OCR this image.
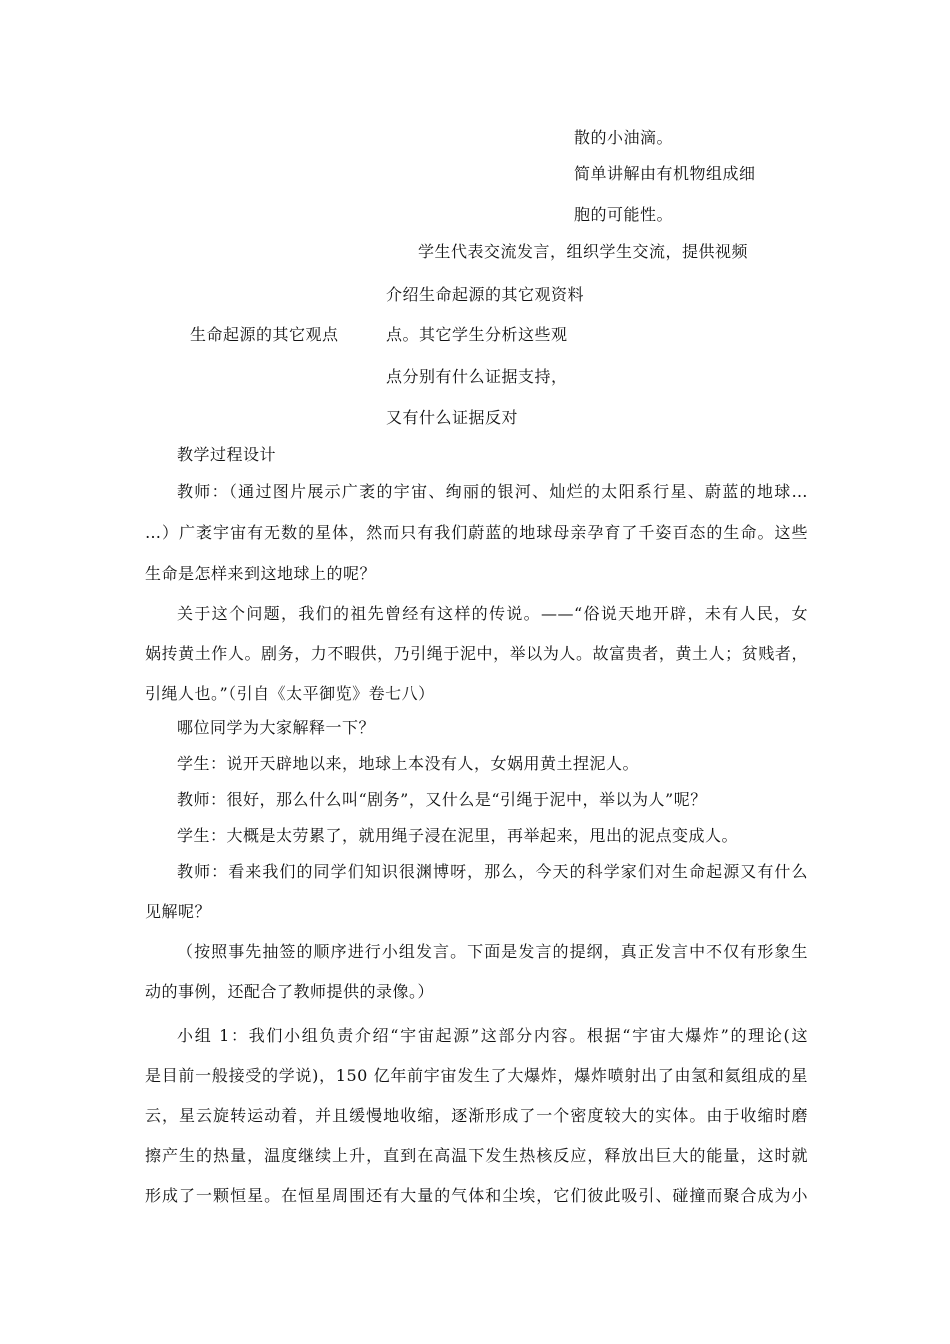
散的小油滴。
简单讲解由有机物组成细
胞的可能性。
学生代表交流发言，组织学生交流，提供视频
介绍生命起源的其它观资料
点。其它学生分析这些观
点分别有什么证据支持，
又有什么证据反对
生命起源的其它观点
教学过程设计
教师：（通过图片展示广袤的宇宙、绚丽的银河、灿烂的太阳系行星、蔚蓝的地球…
…）广袤宇宙有无数的星体，然而只有我们蔚蓝的地球母亲孕育了千姿百态的生命。这些
生命是怎样来到这地球上的呢？
关于这个问题，我们的祖先曾经有这样的传说。——“俗说天地开辟，未有人民，女
娲抟黄土作人。剧务，力不暇供，乃引绳于泥中，举以为人。故富贵者，黄土人；贫贱者，
引绳人也。”（引自《太平御览》卷七八）
哪位同学为大家解释一下？
学生：说开天辟地以来，地球上本没有人，女娲用黄土捏泥人。
教师：很好，那么什么叫“剧务”，又什么是“引绳于泥中，举以为人”呢？
学生：大概是太劳累了，就用绳子浸在泥里，再举起来，甩出的泥点变成人。
教师：看来我们的同学们知识很渊博呀，那么，今天的科学家们对生命起源又有什么
见解呢？
（按照事先抽签的顺序进行小组发言。下面是发言的提纲，真正发言中不仅有形象生
动的事例，还配合了教师提供的录像。）
小组 1：我们小组负责介绍“宇宙起源”这部分内容。根据“宇宙大爆炸”的理论(这
是目前一般接受的学说)，150 亿年前宇宙发生了大爆炸，爆炸喷射出了由氢和氦组成的星
云，星云旋转运动着，并且缓慢地收缩，逐渐形成了一个密度较大的实体。由于收缩时磨
擦产生的热量，温度继续上升，直到在高温下发生热核反应，释放出巨大的能量，这时就
形成了一颗恒星。在恒星周围还有大量的气体和尘埃，它们彼此吸引、碰撞而聚合成为小
